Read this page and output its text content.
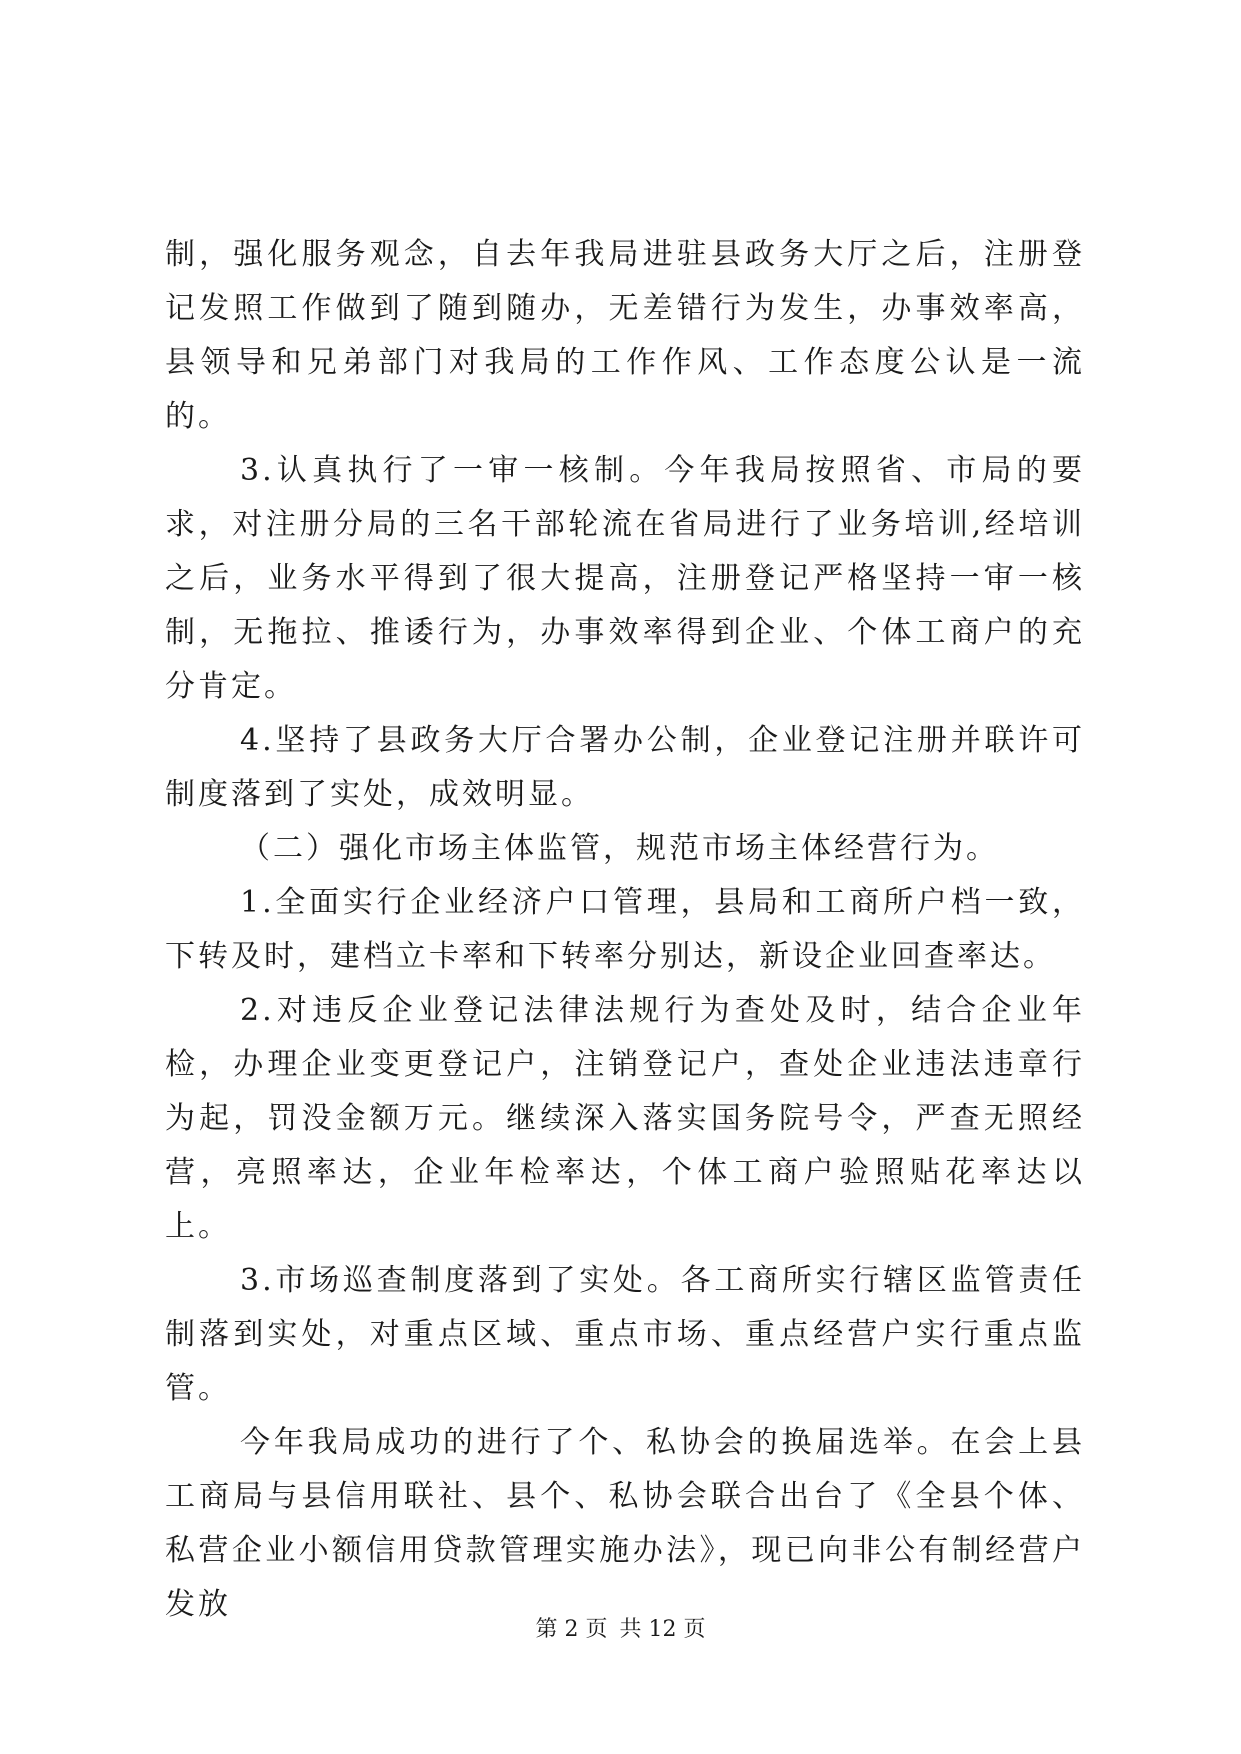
制，强化服务观念，自去年我局进驻县政务大厅之后，注册登记发照工作做到了随到随办，无差错行为发生，办事效率高，县领导和兄弟部门对我局的工作作风、工作态度公认是一流的。

3.认真执行了一审一核制。今年我局按照省、市局的要求，对注册分局的三名干部轮流在省局进行了业务培训,经培训之后，业务水平得到了很大提高，注册登记严格坚持一审一核制，无拖拉、推诿行为，办事效率得到企业、个体工商户的充分肯定。

4.坚持了县政务大厅合署办公制，企业登记注册并联许可制度落到了实处，成效明显。

（二）强化市场主体监管，规范市场主体经营行为。

1.全面实行企业经济户口管理，县局和工商所户档一致，下转及时，建档立卡率和下转率分别达，新设企业回查率达。

2.对违反企业登记法律法规行为查处及时，结合企业年检，办理企业变更登记户，注销登记户，查处企业违法违章行为起，罚没金额万元。继续深入落实国务院号令，严查无照经营，亮照率达，企业年检率达，个体工商户验照贴花率达以上。

3.市场巡查制度落到了实处。各工商所实行辖区监管责任制落到实处，对重点区域、重点市场、重点经营户实行重点监管。

今年我局成功的进行了个、私协会的换届选举。在会上县工商局与县信用联社、县个、私协会联合出台了《全县个体、私营企业小额信用贷款管理实施办法》，现已向非公有制经营户发放

第 2 页 共 12 页
